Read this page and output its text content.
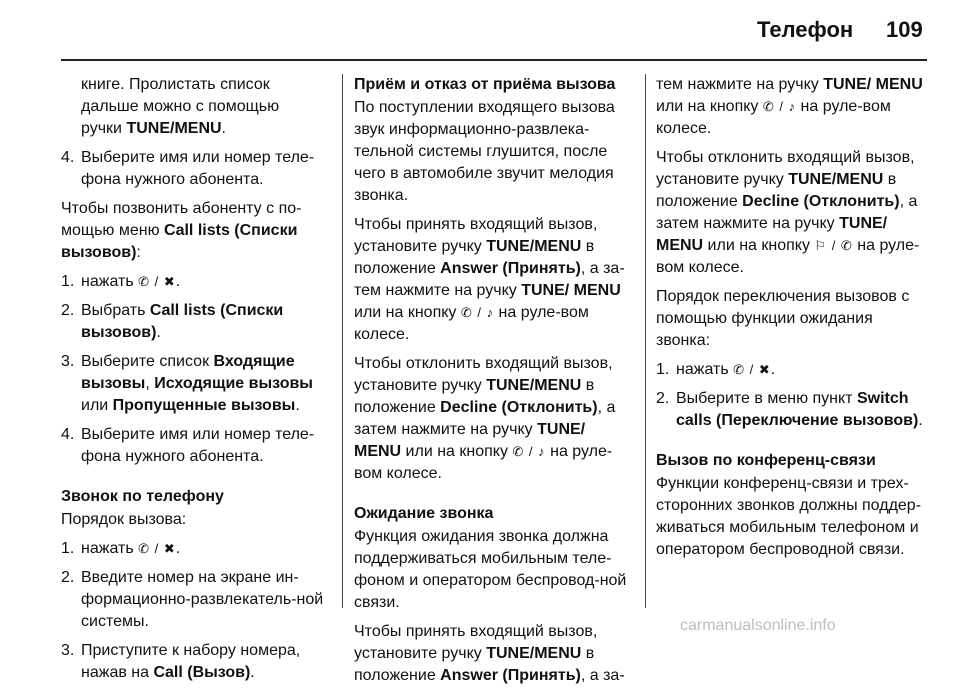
Телефон 109
книге. Пролистать список
дальше можно с помощью
ручки TUNE/MENU.
4. Выберите имя или номер теле-фона нужного абонента.

Чтобы позвонить абоненту с по-мощью меню Call lists (Списки вызовов):

1. нажать ✆ / ✖.
2. Выбрать Call lists (Списки вызовов).
3. Выберите список Входящие вызовы, Исходящие вызовы или Пропущенные вызовы.
4. Выберите имя или номер теле-фона нужного абонента.
Звонок по телефону

Порядок вызова:

1. нажать ✆ / ✖.
2. Введите номер на экране ин-формационно-развлекатель-ной системы.
3. Приступите к набору номера, нажав на Call (Вызов).
Приём и отказ от приёма вызова

По поступлении входящего вызова звук информационно-развлека-тельной системы глушится, после чего в автомобиле звучит мелодия звонка.

Чтобы принять входящий вызов, установите ручку TUNE/MENU в положение Answer (Принять), а за-тем нажмите на ручку TUNE/ MENU или на кнопку ✆ / ♪ на руле-вом колесе.

Чтобы отклонить входящий вызов, установите ручку TUNE/MENU в положение Decline (Отклонить), а затем нажмите на ручку TUNE/ MENU или на кнопку ✆ / ♪ на руле-вом колесе.

Ожидание звонка

Функция ожидания звонка должна поддерживаться мобильным теле-фоном и оператором беспровод-ной связи.

Чтобы принять входящий вызов, установите ручку TUNE/MENU в положение Answer (Принять), а за-

тем нажмите на ручку TUNE/ MENU или на кнопку ✆ / ♪ на руле-вом колесе.

Чтобы отклонить входящий вызов, установите ручку TUNE/MENU в положение Decline (Отклонить), а затем нажмите на ручку TUNE/ MENU или на кнопку ⚐ / ✆ на руле-вом колесе.

Порядок переключения вызовов с помощью функции ожидания звонка:

1. нажать ✆ / ✖.
2. Выберите в меню пункт Switch calls (Переключение вызовов).
Вызов по конференц-связи

Функции конференц-связи и трех-сторонних звонков должны поддер-живаться мобильным телефоном и оператором беспроводной связи.

carmanualsonline.info
